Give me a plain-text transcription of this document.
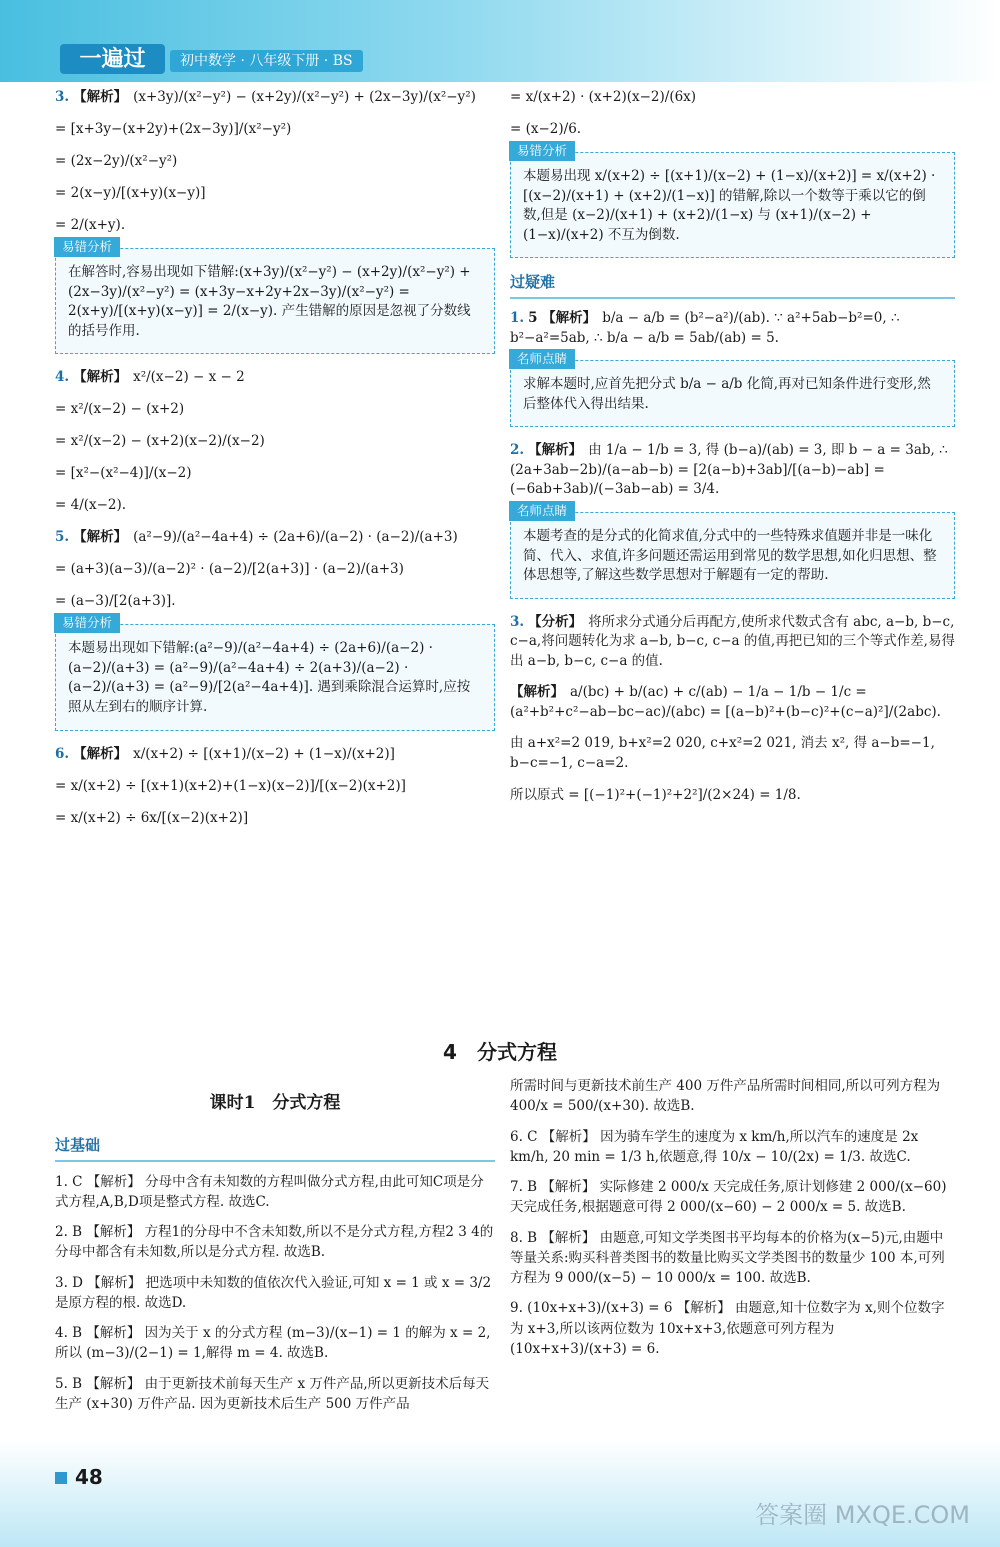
一遍过	初中数学 · 八年级下册 · BS
3. 【解析】 (x+3y)/(x²−y²) − (x+2y)/(x²−y²) + (2x−3y)/(x²−y²)
= [x+3y−(x+2y)+(2x−3y)]/(x²−y²)
= (2x−2y)/(x²−y²)
= 2(x−y)/[(x+y)(x−y)]
= 2/(x+y).
易错分析

在解答时,容易出现如下错解:(x+3y)/(x²−y²) − (x+2y)/(x²−y²) + (2x−3y)/(x²−y²) = (x+3y−x+2y+2x−3y)/(x²−y²) = 2(x+y)/[(x+y)(x−y)] = 2/(x−y). 产生错解的原因是忽视了分数线的括号作用.

4. 【解析】 x²/(x−2) − x − 2
= x²/(x−2) − (x+2)
= x²/(x−2) − (x+2)(x−2)/(x−2)
= [x²−(x²−4)]/(x−2)
= 4/(x−2).
5. 【解析】 (a²−9)/(a²−4a+4) ÷ (2a+6)/(a−2) · (a−2)/(a+3)
= (a+3)(a−3)/(a−2)² · (a−2)/[2(a+3)] · (a−2)/(a+3)
= (a−3)/[2(a+3)].
易错分析

本题易出现如下错解:(a²−9)/(a²−4a+4) ÷ (2a+6)/(a−2) · (a−2)/(a+3) = (a²−9)/(a²−4a+4) ÷ 2(a+3)/(a−2) · (a−2)/(a+3) = (a²−9)/[2(a²−4a+4)]. 遇到乘除混合运算时,应按照从左到右的顺序计算.

6. 【解析】 x/(x+2) ÷ [(x+1)/(x−2) + (1−x)/(x+2)]
= x/(x+2) ÷ [(x+1)(x+2)+(1−x)(x−2)]/[(x−2)(x+2)]
= x/(x+2) ÷ 6x/[(x−2)(x+2)]
= x/(x+2) · (x+2)(x−2)/(6x)
= (x−2)/6.
易错分析

本题易出现 x/(x+2) ÷ [(x+1)/(x−2) + (1−x)/(x+2)] = x/(x+2) · [(x−2)/(x+1) + (x+2)/(1−x)] 的错解,除以一个数等于乘以它的倒数,但是 (x−2)/(x+1) + (x+2)/(1−x) 与 (x+1)/(x−2) + (1−x)/(x+2) 不互为倒数.

过疑难
1. 5 【解析】 b/a − a/b = (b²−a²)/(ab). ∵ a²+5ab−b²=0, ∴ b²−a²=5ab, ∴ b/a − a/b = 5ab/(ab) = 5.
名师点睛

求解本题时,应首先把分式 b/a − a/b 化简,再对已知条件进行变形,然后整体代入得出结果.

2. 【解析】 由 1/a − 1/b = 3, 得 (b−a)/(ab) = 3, 即 b − a = 3ab, ∴ (2a+3ab−2b)/(a−ab−b) = [2(a−b)+3ab]/[(a−b)−ab] = (−6ab+3ab)/(−3ab−ab) = 3/4.
名师点睛

本题考查的是分式的化简求值,分式中的一些特殊求值题并非是一味化简、代入、求值,许多问题还需运用到常见的数学思想,如化归思想、整体思想等,了解这些数学思想对于解题有一定的帮助.

3. 【分析】 将所求分式通分后再配方,使所求代数式含有 abc, a−b, b−c, c−a,将问题转化为求 a−b, b−c, c−a 的值,再把已知的三个等式作差,易得出 a−b, b−c, c−a 的值.
【解析】 a/(bc) + b/(ac) + c/(ab) − 1/a − 1/b − 1/c = (a²+b²+c²−ab−bc−ac)/(abc) = [(a−b)²+(b−c)²+(c−a)²]/(2abc).
由 a+x²=2 019, b+x²=2 020, c+x²=2 021, 消去 x², 得 a−b=−1, b−c=−1, c−a=2.
所以原式 = [(−1)²+(−1)²+2²]/(2×24) = 1/8.
4　分式方程
课时1　分式方程
过基础

1. C 【解析】 分母中含有未知数的方程叫做分式方程,由此可知C项是分式方程,A,B,D项是整式方程. 故选C.

2. B 【解析】 方程1的分母中不含未知数,所以不是分式方程,方程2 3 4的分母中都含有未知数,所以是分式方程. 故选B.

3. D 【解析】 把选项中未知数的值依次代入验证,可知 x = 1 或 x = 3/2 是原方程的根. 故选D.

4. B 【解析】 因为关于 x 的分式方程 (m−3)/(x−1) = 1 的解为 x = 2,所以 (m−3)/(2−1) = 1,解得 m = 4. 故选B.

5. B 【解析】 由于更新技术前每天生产 x 万件产品,所以更新技术后每天生产 (x+30) 万件产品. 因为更新技术后生产 500 万件产品

所需时间与更新技术前生产 400 万件产品所需时间相同,所以可列方程为 400/x = 500/(x+30). 故选B.

6. C 【解析】 因为骑车学生的速度为 x km/h,所以汽车的速度是 2x km/h, 20 min = 1/3 h,依题意,得 10/x − 10/(2x) = 1/3. 故选C.

7. B 【解析】 实际修建 2 000/x 天完成任务,原计划修建 2 000/(x−60) 天完成任务,根据题意可得 2 000/(x−60) − 2 000/x = 5. 故选B.

8. B 【解析】 由题意,可知文学类图书平均每本的价格为(x−5)元,由题中等量关系:购买科普类图书的数量比购买文学类图书的数量少 100 本,可列方程为 9 000/(x−5) − 10 000/x = 100. 故选B.

9. (10x+x+3)/(x+3) = 6 【解析】 由题意,知十位数字为 x,则个位数字为 x+3,所以该两位数为 10x+x+3,依题意可列方程为 (10x+x+3)/(x+3) = 6.

48
答案圈 MXQE.COM
